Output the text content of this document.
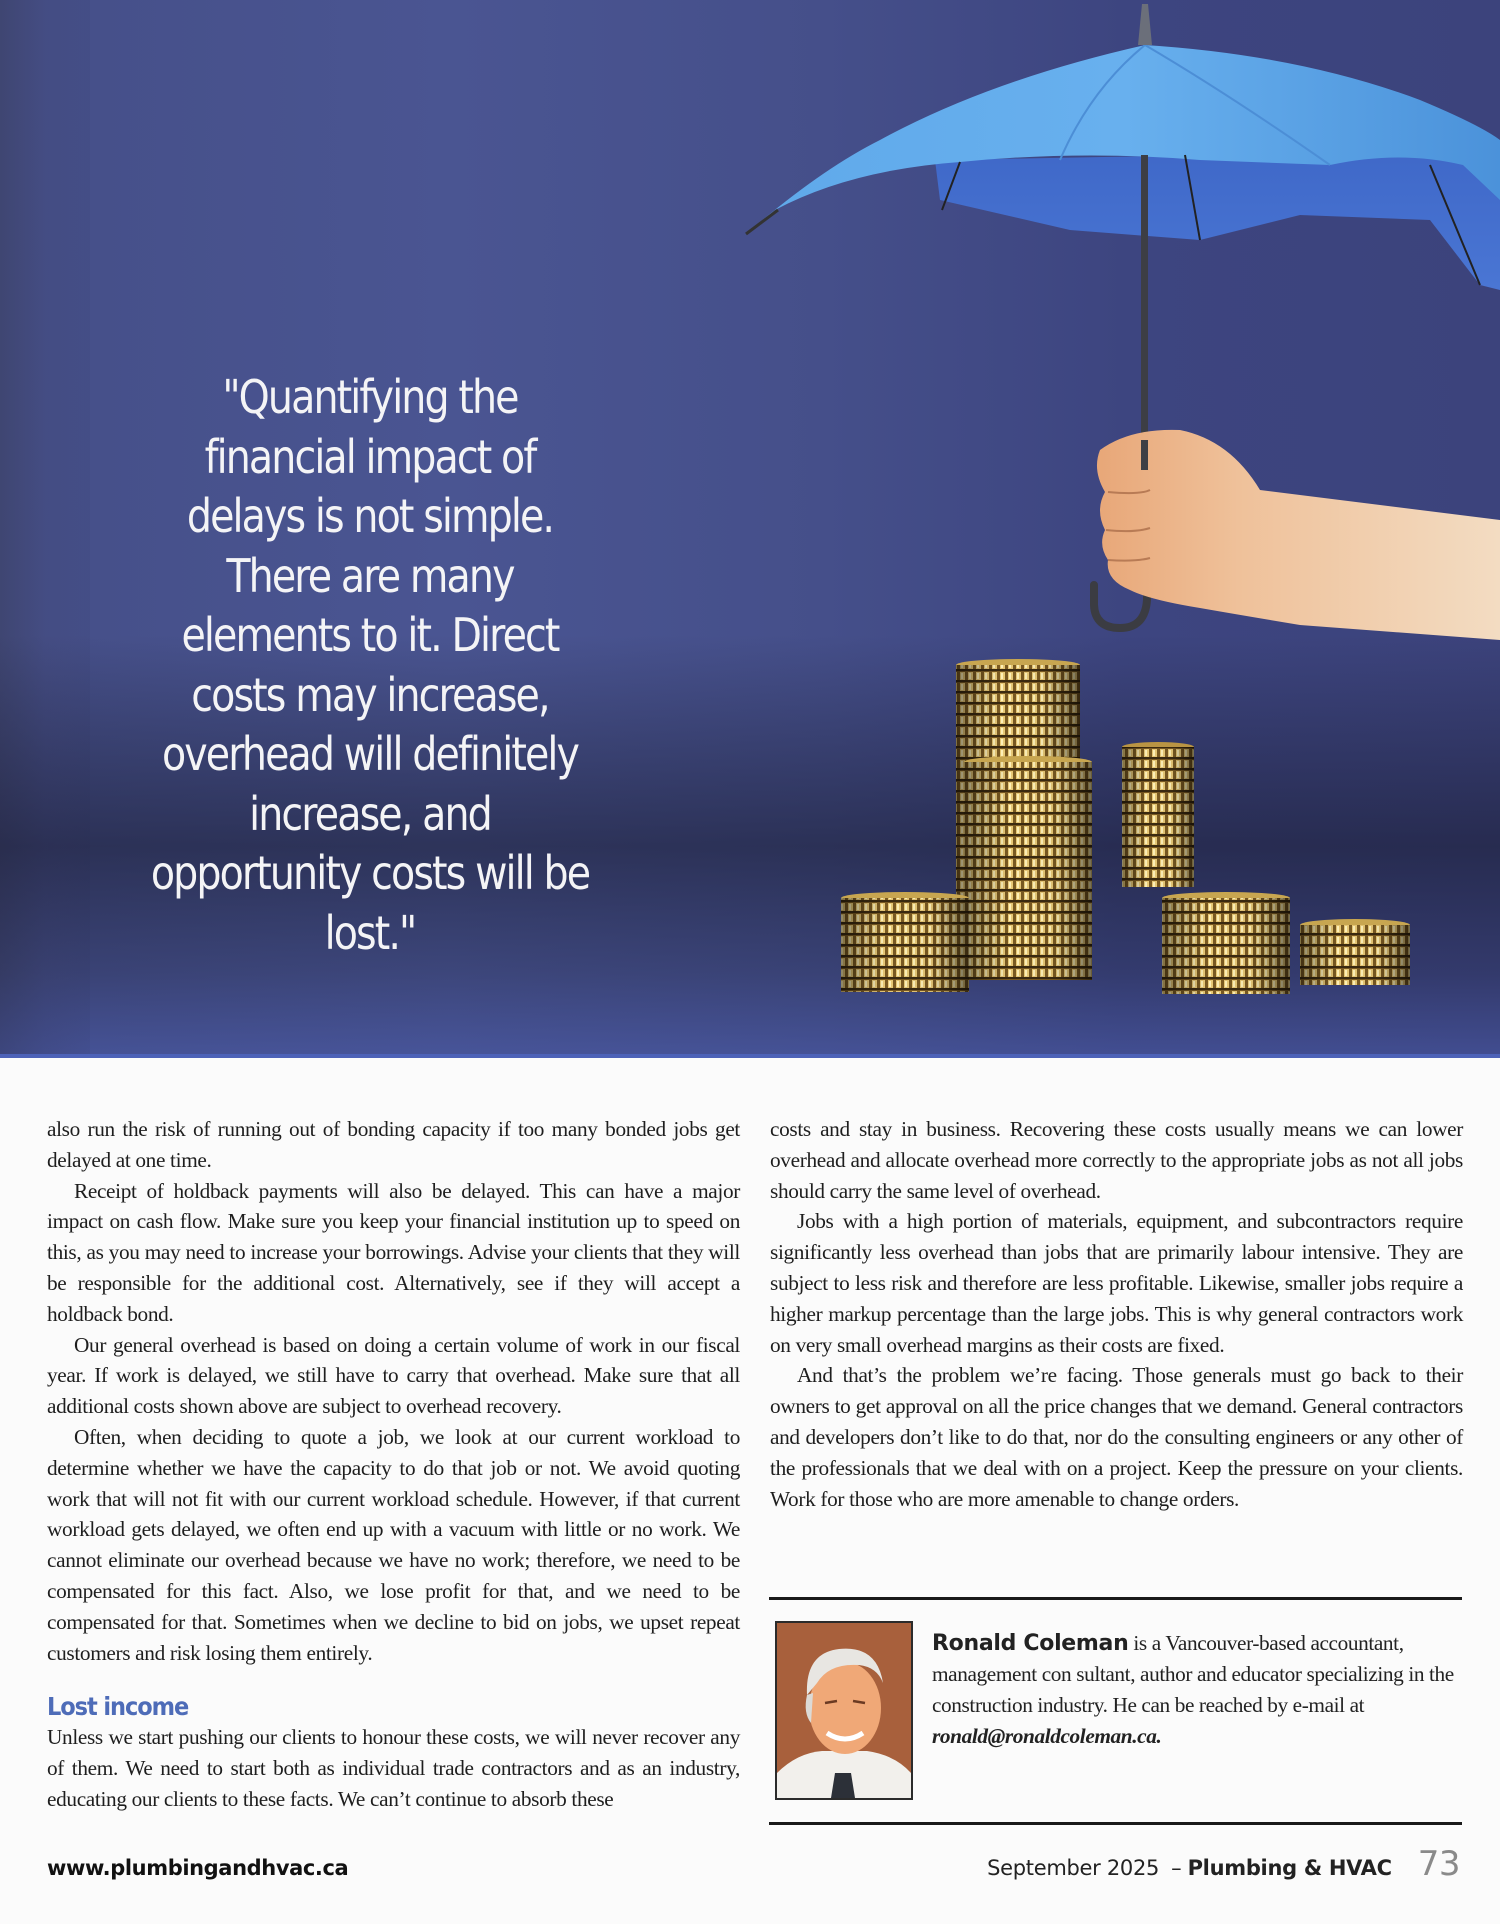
"Quantifying the financial impact of delays is not simple. There are many elements to it. Direct costs may increase, overhead will definitely increase, and opportunity costs will be lost."

also run the risk of running out of bonding capacity if too many bonded jobs get delayed at one time.

Receipt of holdback payments will also be delayed. This can have a major impact on cash flow. Make sure you keep your financial institution up to speed on this, as you may need to increase your borrowings. Advise your clients that they will be responsible for the additional cost. Alternatively, see if they will accept a holdback bond.

Our general overhead is based on doing a certain volume of work in our fiscal year. If work is delayed, we still have to carry that overhead. Make sure that all additional costs shown above are subject to overhead recovery.

Often, when deciding to quote a job, we look at our current workload to determine whether we have the capacity to do that job or not. We avoid quoting work that will not fit with our current workload schedule. However, if that current workload gets delayed, we often end up with a vacuum with little or no work. We cannot eliminate our overhead because we have no work; therefore, we need to be compensated for this fact. Also, we lose profit for that, and we need to be compensated for that. Sometimes when we decline to bid on jobs, we upset repeat customers and risk losing them entirely.

Lost income

Unless we start pushing our clients to honour these costs, we will never recover any of them. We need to start both as individual trade contractors and as an industry, educating our clients to these facts. We can’t continue to absorb these

costs and stay in business. Recovering these costs usually means we can lower overhead and allocate overhead more correctly to the appropriate jobs as not all jobs should carry the same level of overhead.

Jobs with a high portion of materials, equipment, and subcontractors require significantly less overhead than jobs that are primarily labour intensive. They are subject to less risk and therefore are less profitable. Likewise, smaller jobs require a higher markup percentage than the large jobs. This is why general contractors work on very small overhead margins as their costs are fixed.

And that’s the problem we’re facing. Those generals must go back to their owners to get approval on all the price changes that we demand. General contractors and developers don’t like to do that, nor do the consulting engineers or any other of the professionals that we deal with on a project. Keep the pressure on your clients. Work for those who are more amenable to change orders.

Ronald Coleman is a Vancouver-based accountant, management con sultant, author and educator specializing in the construction industry. He can be reached by e-mail at ronald@ronaldcoleman.ca.
www.plumbingandhvac.ca	September 2025 – Plumbing & HVAC 73
